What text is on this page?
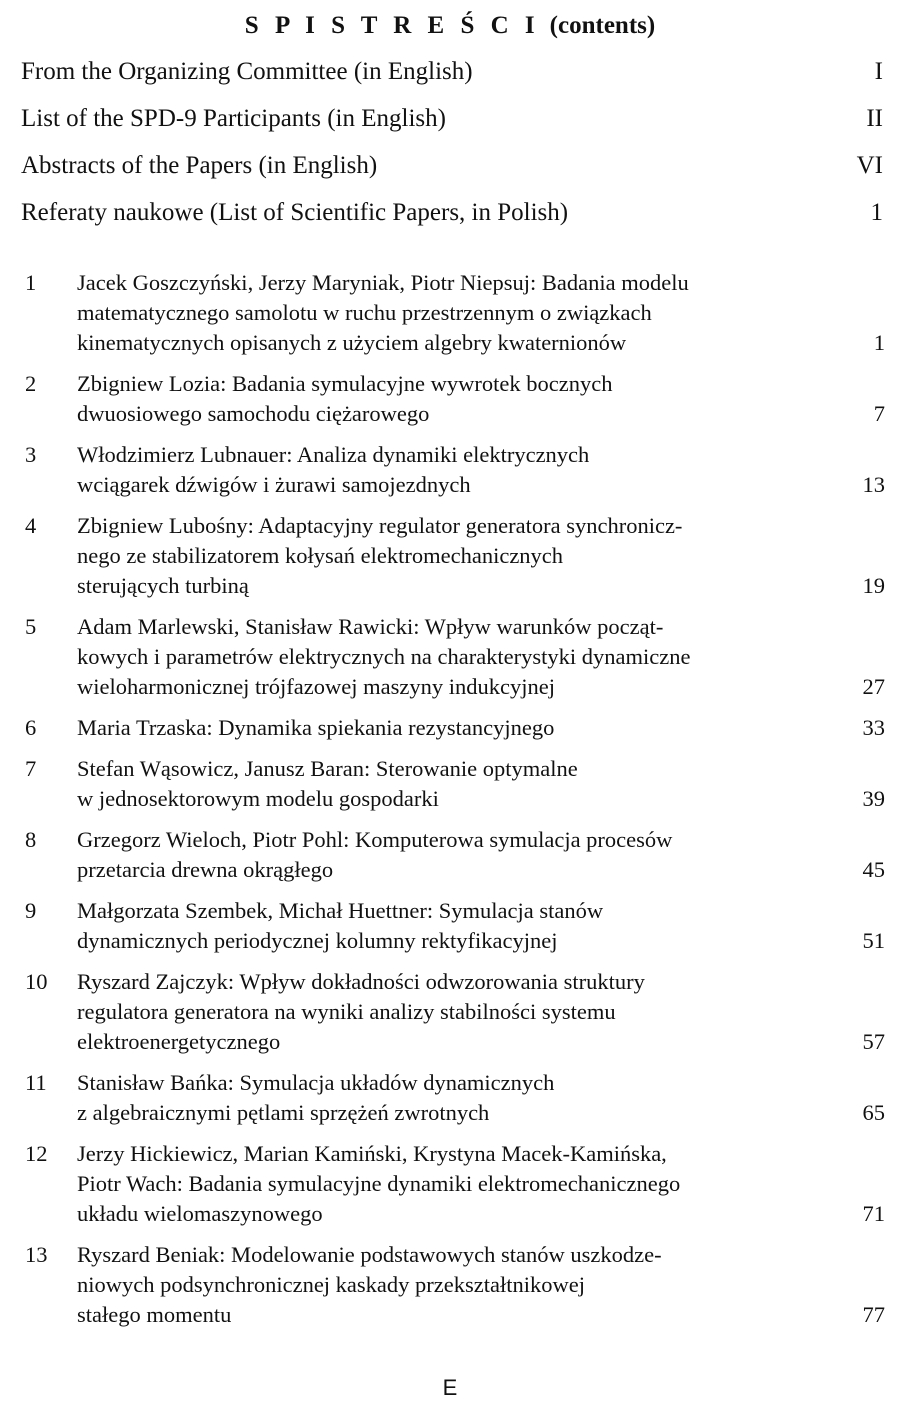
S P I S T R E Ś C I (contents)
From the Organizing Committee (in English)	I
List of the SPD-9 Participants (in English)	II
Abstracts of the Papers (in English)	VI
Referaty naukowe (List of Scientific Papers, in Polish)	1
1	Jacek Goszczyński, Jerzy Maryniak, Piotr Niepsuj: Badania modelu
matematycznego samolotu w ruchu przestrzennym o związkach
kinematycznych opisanych z użyciem algebry kwaternionów	1
2	Zbigniew Lozia: Badania symulacyjne wywrotek bocznych
dwuosiowego samochodu ciężarowego	7
3	Włodzimierz Lubnauer: Analiza dynamiki elektrycznych
wciągarek dźwigów i żurawi samojezdnych	13
4	Zbigniew Lubośny: Adaptacyjny regulator generatora synchronicz-
nego ze stabilizatorem kołysań elektromechanicznych
sterujących turbiną	19
5	Adam Marlewski, Stanisław Rawicki: Wpływ warunków począt-
kowych i parametrów elektrycznych na charakterystyki dynamiczne
wieloharmonicznej trójfazowej maszyny indukcyjnej	27
6	Maria Trzaska: Dynamika spiekania rezystancyjnego	33
7	Stefan Wąsowicz, Janusz Baran: Sterowanie optymalne
w jednosektorowym modelu gospodarki	39
8	Grzegorz Wieloch, Piotr Pohl: Komputerowa symulacja procesów
przetarcia drewna okrągłego	45
9	Małgorzata Szembek, Michał Huettner: Symulacja stanów
dynamicznych periodycznej kolumny rektyfikacyjnej	51
10	Ryszard Zajczyk: Wpływ dokładności odwzorowania struktury
regulatora generatora na wyniki analizy stabilności systemu
elektroenergetycznego	57
11	Stanisław Bańka: Symulacja układów dynamicznych
z algebraicznymi pętlami sprzężeń zwrotnych	65
12	Jerzy Hickiewicz, Marian Kamiński, Krystyna Macek-Kamińska,
Piotr Wach: Badania symulacyjne dynamiki elektromechanicznego
układu wielomaszynowego	71
13	Ryszard Beniak: Modelowanie podstawowych stanów uszkodze-
niowych podsynchronicznej kaskady przekształtnikowej
stałego momentu	77
E
